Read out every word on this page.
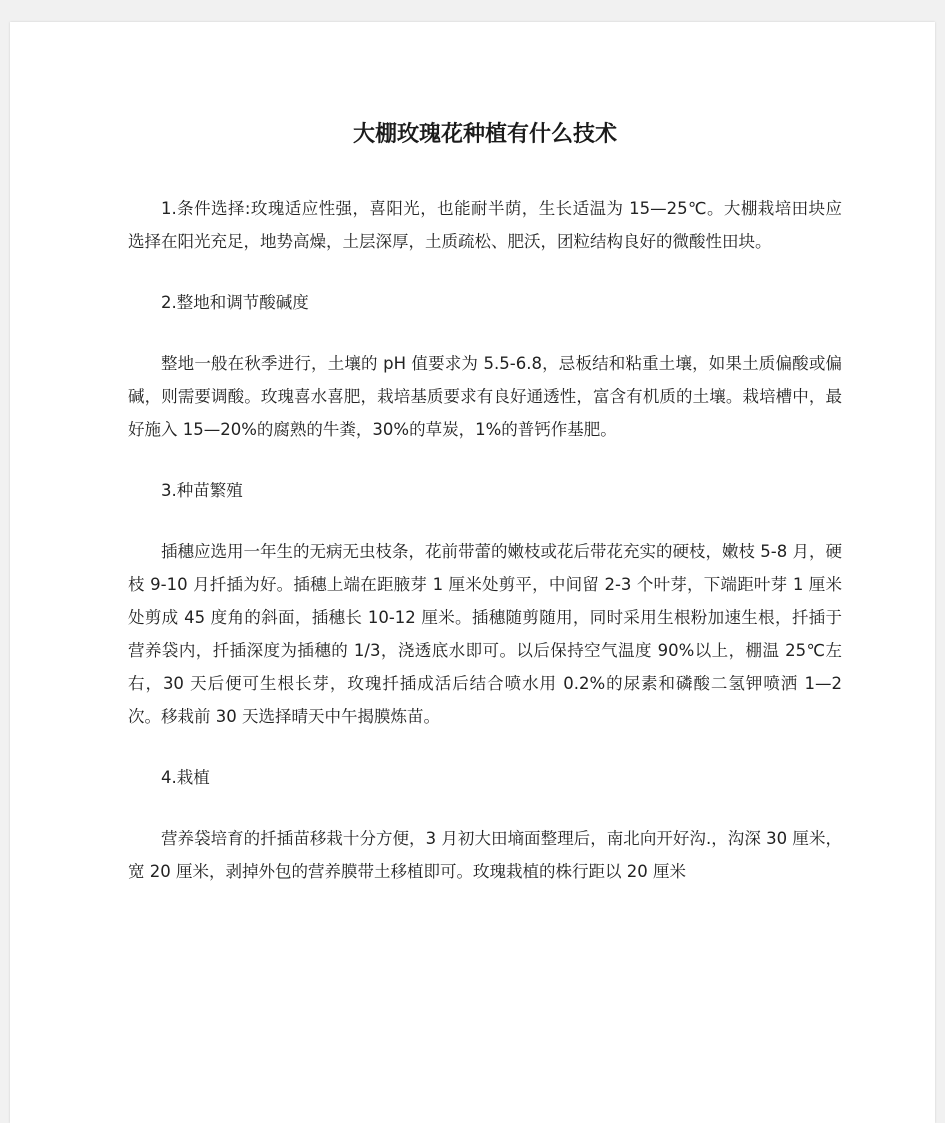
大棚玫瑰花种植有什么技术

1.条件选择:玫瑰适应性强，喜阳光，也能耐半荫，生长适温为 15—25℃。大棚栽培田块应选择在阳光充足，地势高燥，土层深厚，土质疏松、肥沃，团粒结构良好的微酸性田块。

2.整地和调节酸碱度

整地一般在秋季进行，土壤的 pH 值要求为 5.5-6.8，忌板结和粘重土壤，如果土质偏酸或偏碱，则需要调酸。玫瑰喜水喜肥，栽培基质要求有良好通透性，富含有机质的土壤。栽培槽中，最好施入 15—20%的腐熟的牛粪，30%的草炭，1%的普钙作基肥。

3.种苗繁殖

插穗应选用一年生的无病无虫枝条，花前带蕾的嫩枝或花后带花充实的硬枝，嫩枝 5-8 月，硬枝 9-10 月扦插为好。插穗上端在距腋芽 1 厘米处剪平，中间留 2-3 个叶芽，下端距叶芽 1 厘米处剪成 45 度角的斜面，插穗长 10-12 厘米。插穗随剪随用，同时采用生根粉加速生根，扦插于营养袋内，扦插深度为插穗的 1/3，浇透底水即可。以后保持空气温度 90%以上，棚温 25℃左右，30 天后便可生根长芽，玫瑰扦插成活后结合喷水用 0.2%的尿素和磷酸二氢钾喷洒 1—2 次。移栽前 30 天选择晴天中午揭膜炼苗。

4.栽植

营养袋培育的扦插苗移栽十分方便，3 月初大田墒面整理后，南北向开好沟.，沟深 30 厘米，宽 20 厘米，剥掉外包的营养膜带土移植即可。玫瑰栽植的株行距以 20 厘米
